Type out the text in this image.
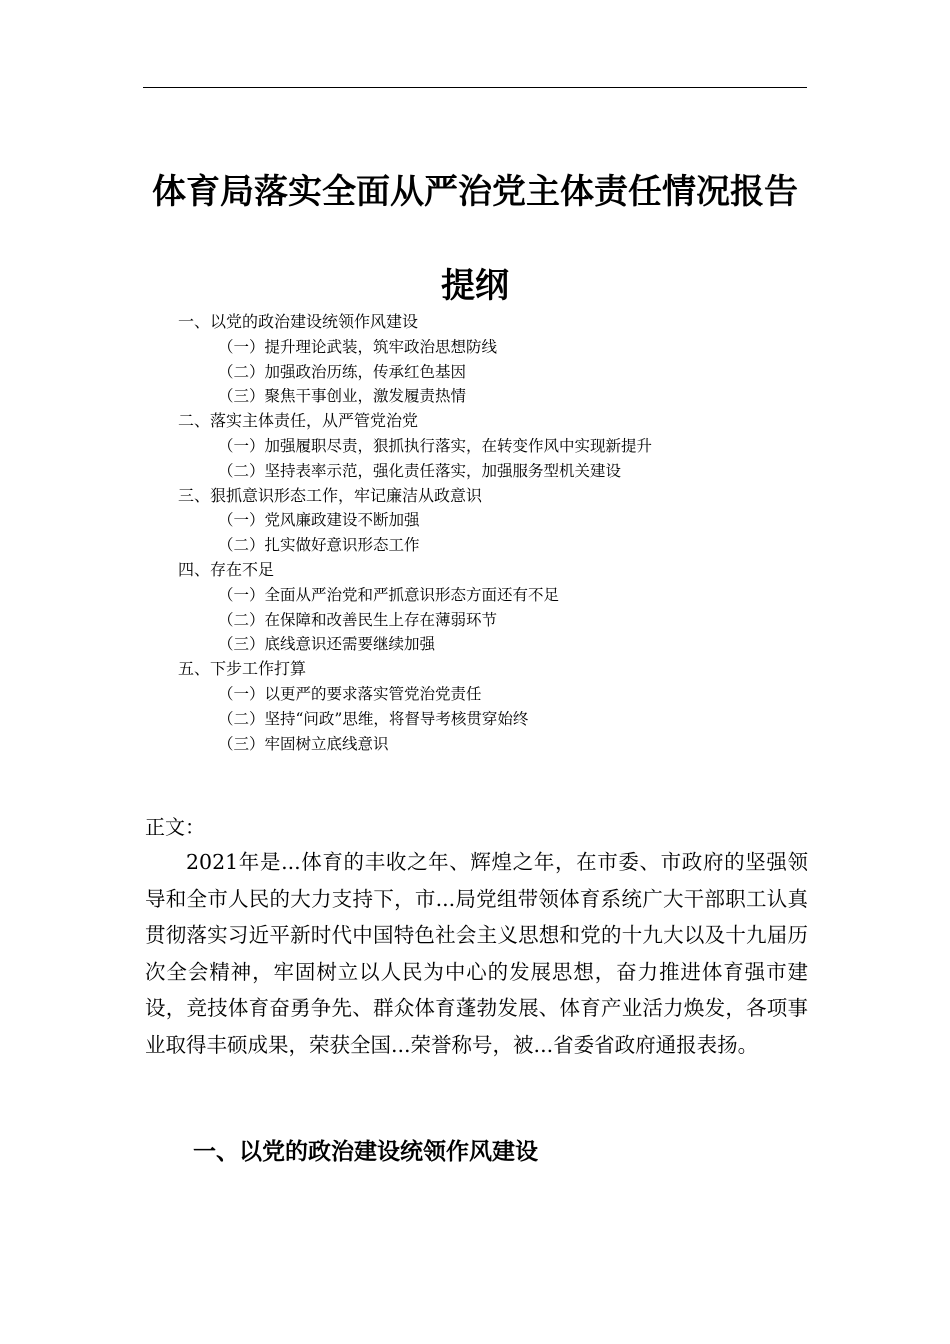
体育局落实全面从严治党主体责任情况报告
提纲
一、以党的政治建设统领作风建设
（一）提升理论武装，筑牢政治思想防线
（二）加强政治历练，传承红色基因
（三）聚焦干事创业，激发履责热情
二、落实主体责任，从严管党治党
（一）加强履职尽责，狠抓执行落实，在转变作风中实现新提升
（二）坚持表率示范，强化责任落实，加强服务型机关建设
三、狠抓意识形态工作，牢记廉洁从政意识
（一）党风廉政建设不断加强
（二）扎实做好意识形态工作
四、存在不足
（一）全面从严治党和严抓意识形态方面还有不足
（二）在保障和改善民生上存在薄弱环节
（三）底线意识还需要继续加强
五、下步工作打算
（一）以更严的要求落实管党治党责任
（二）坚持“问政”思维，将督导考核贯穿始终
（三）牢固树立底线意识

正文：

2021年是...体育的丰收之年、辉煌之年，在市委、市政府的坚强领导和全市人民的大力支持下，市...局党组带领体育系统广大干部职工认真贯彻落实习近平新时代中国特色社会主义思想和党的十九大以及十九届历次全会精神，牢固树立以人民为中心的发展思想，奋力推进体育强市建设，竞技体育奋勇争先、群众体育蓬勃发展、体育产业活力焕发，各项事业取得丰硕成果，荣获全国...荣誉称号，被...省委省政府通报表扬。

一、以党的政治建设统领作风建设
